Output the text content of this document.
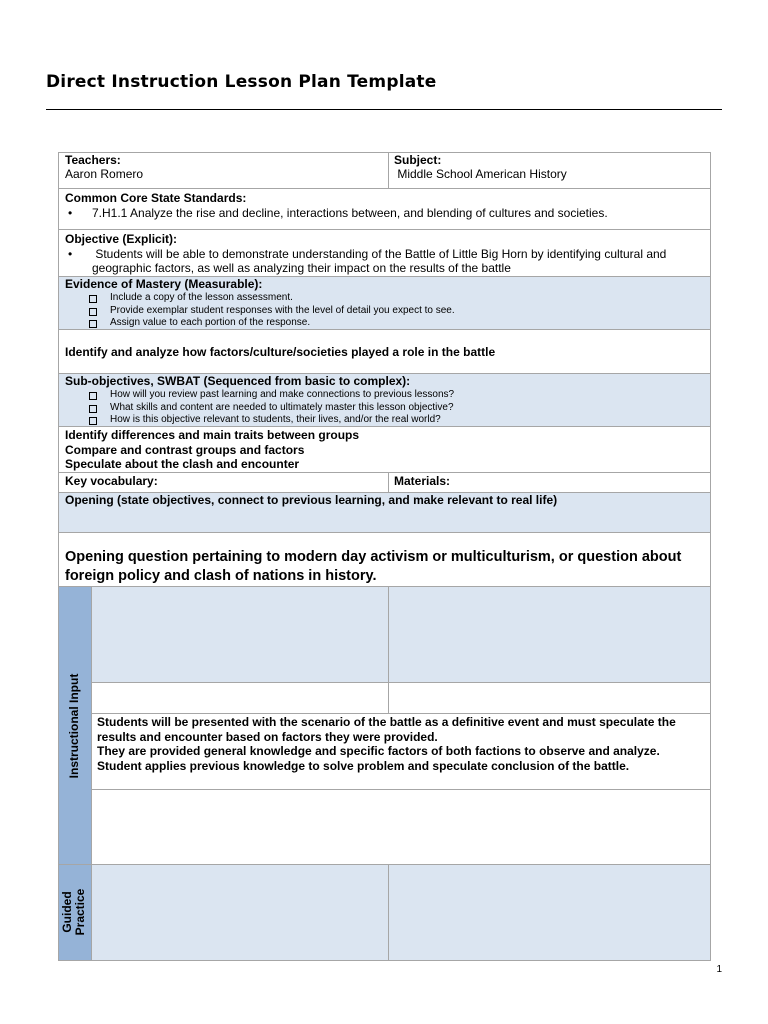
Direct Instruction Lesson Plan Template
Teachers:
Aaron Romero
Subject:
Middle School American History
Common Core State Standards:
• 7.H1.1 Analyze the rise and decline, interactions between, and blending of cultures and societies.
Objective (Explicit):
•  Students will be able to demonstrate understanding of the Battle of Little Big Horn by identifying cultural and geographic factors, as well as analyzing their impact on the results of the battle
Evidence of Mastery (Measurable):
Include a copy of the lesson assessment.
Provide exemplar student responses with the level of detail you expect to see.
Assign value to each portion of the response.
Identify and analyze how factors/culture/societies played a role in the battle
Sub-objectives, SWBAT (Sequenced from basic to complex):
How will you review past learning and make connections to previous lessons?
What skills and content are needed to ultimately master this lesson objective?
How is this objective relevant to students, their lives, and/or the real world?
Identify differences and main traits between groups
Compare and contrast groups and factors
Speculate about the clash and encounter
Key vocabulary:	Materials:
Opening (state objectives, connect to previous learning, and make relevant to real life)
Opening question pertaining to modern day activism or multiculturism, or question about foreign policy and clash of nations in history.
Instructional Input Students will be presented with the scenario of the battle as a definitive event and must speculate the results and encounter based on factors they were provided.
They are provided general knowledge and specific factors of both factions to observe and analyze.
Student applies previous knowledge to solve problem and speculate conclusion of the battle.
Guided Practice
1
